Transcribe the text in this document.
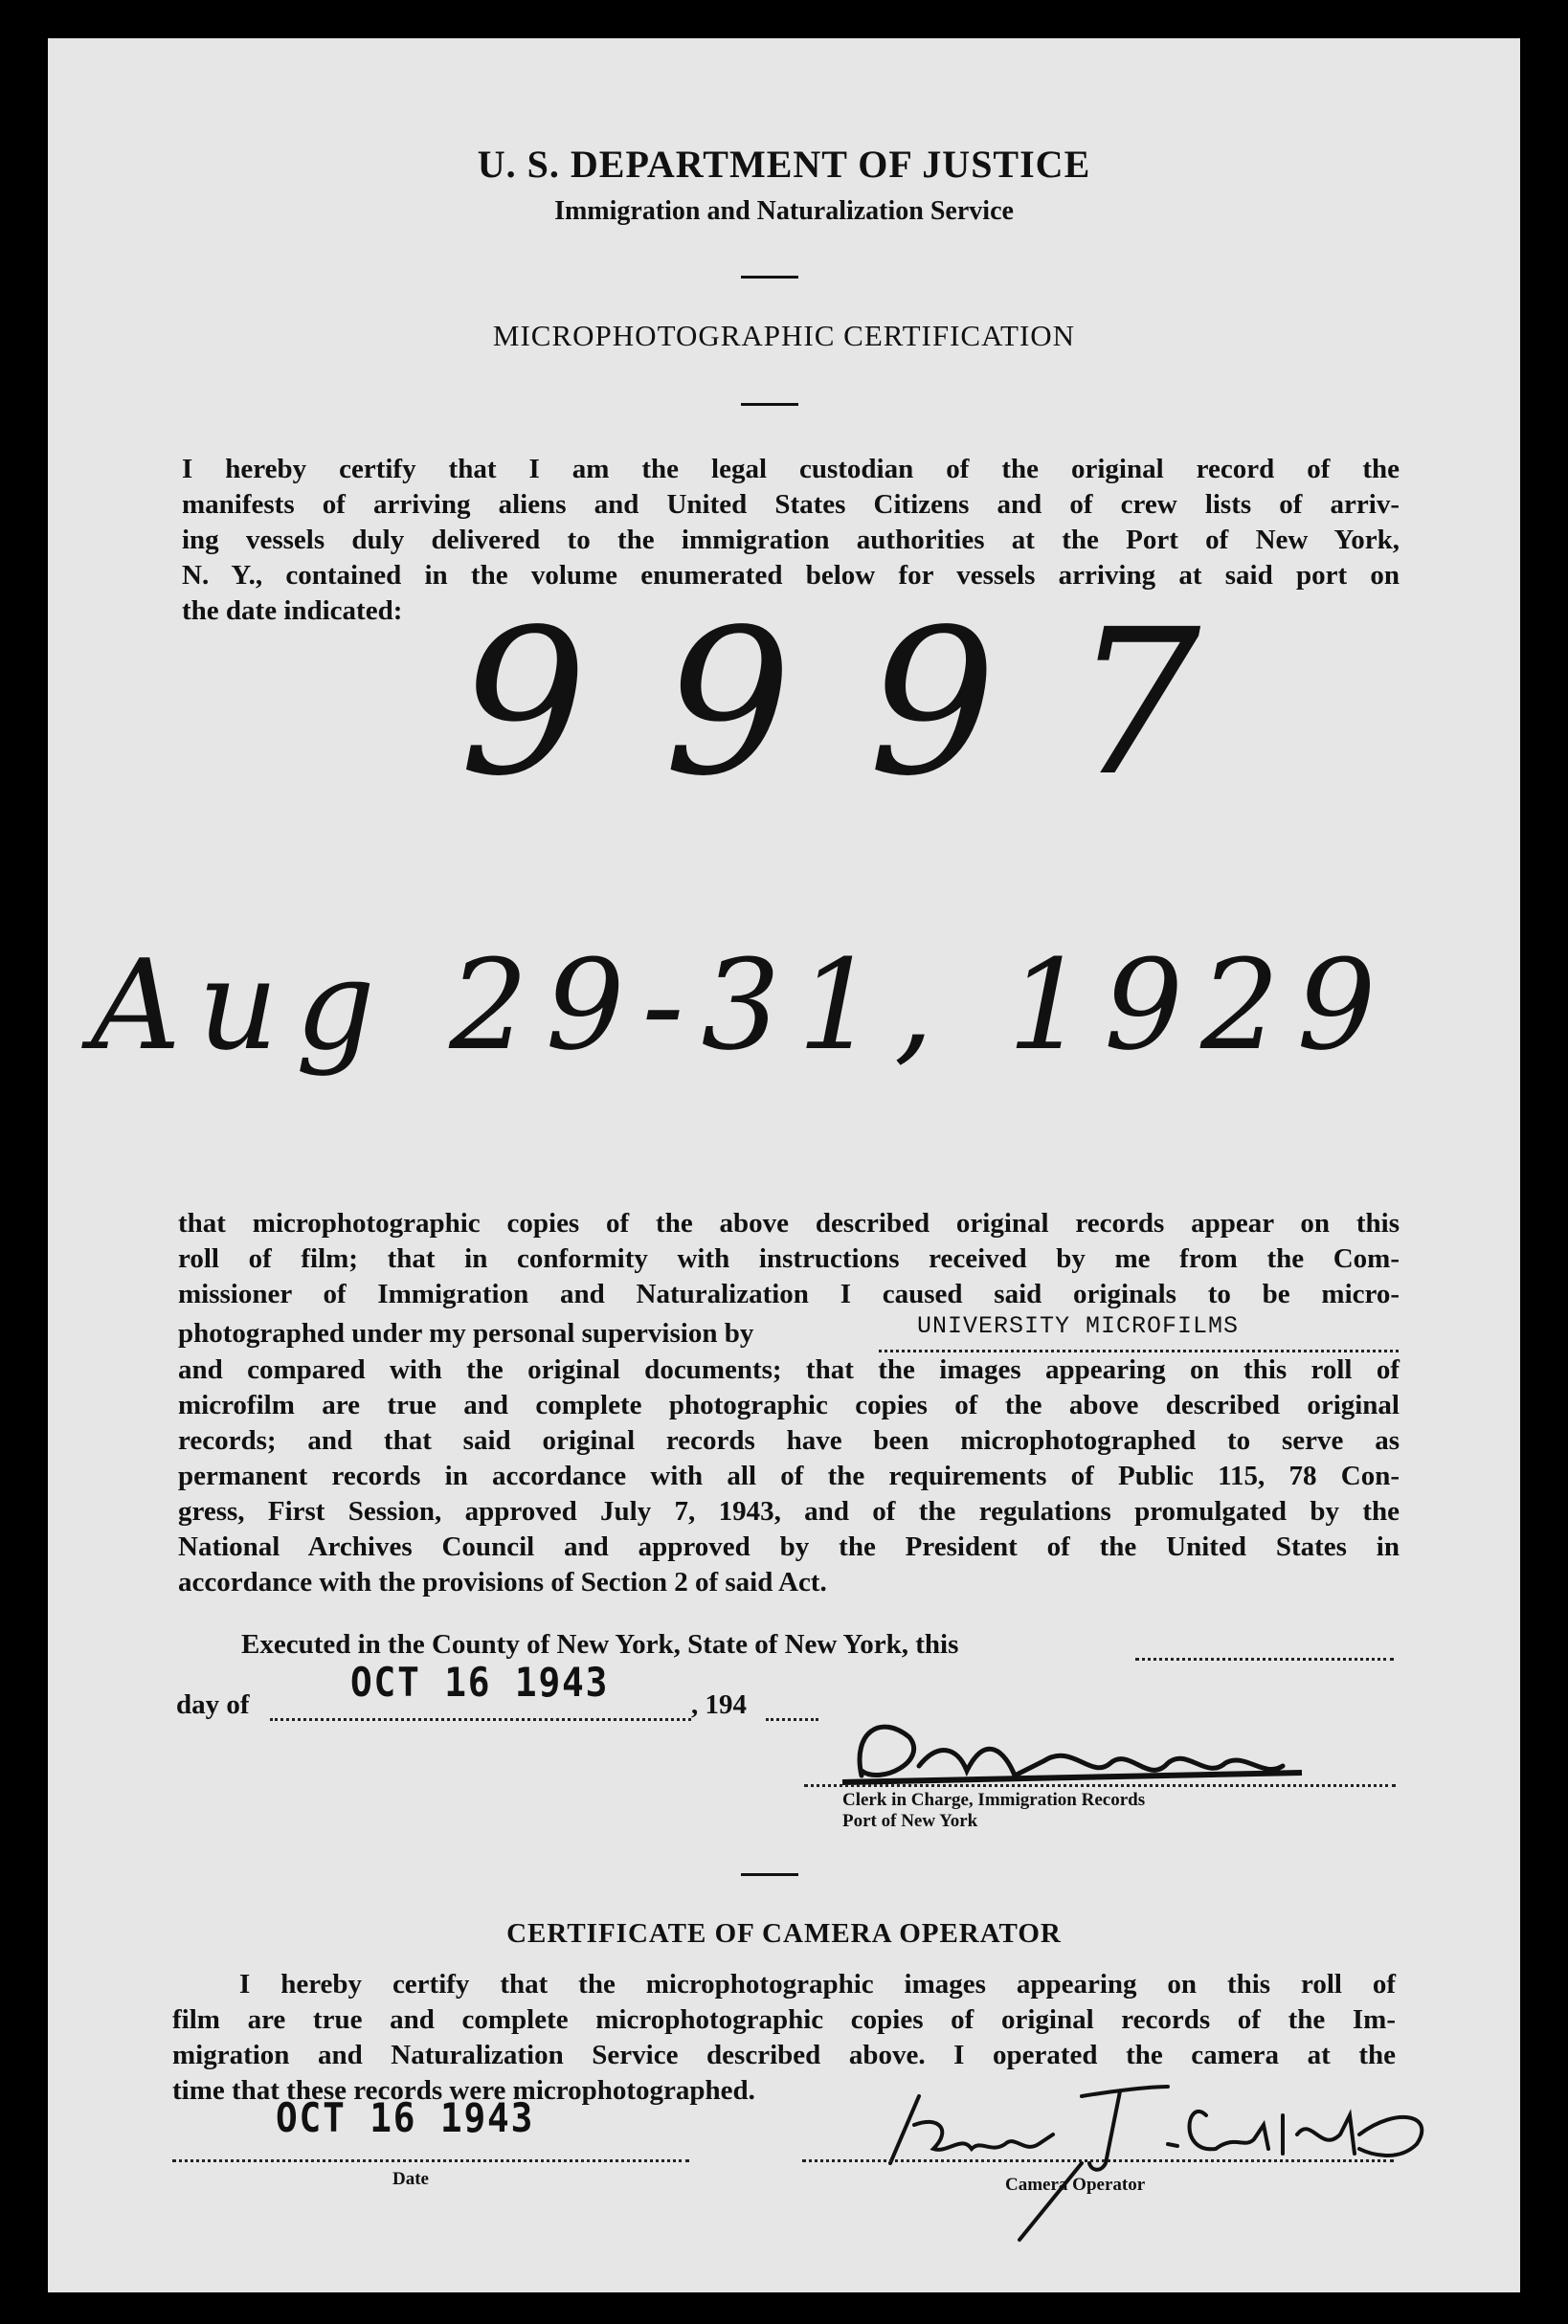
U. S. DEPARTMENT OF JUSTICE
Immigration and Naturalization Service
MICROPHOTOGRAPHIC CERTIFICATION
I hereby certify that I am the legal custodian of the original record of the
manifests of arriving aliens and United States Citizens and of crew lists of arriv-
ing vessels duly delivered to the immigration authorities at the Port of New York,
N. Y., contained in the volume enumerated below for vessels arriving at said port on
the date indicated: 9997
Aug 29-31, 1929
that microphotographic copies of the above described original records appear on this
roll of film; that in conformity with instructions received by me from the Com-
missioner of Immigration and Naturalization I caused said originals to be micro-
photographed under my personal supervision by	UNIVERSITY MICROFILMS
and compared with the original documents; that the images appearing on this roll of
microfilm are true and complete photographic copies of the above described original
records; and that said original records have been microphotographed to serve as
permanent records in accordance with all of the requirements of Public 115, 78 Con-
gress, First Session, approved July 7, 1943, and of the regulations promulgated by the
National Archives Council and approved by the President of the United States in
accordance with the provisions of Section 2 of said Act.
Executed in the County of New York, State of New York, this
day of	OCT 16 1943	, 194
Clerk in Charge, Immigration Records
Port of New York
CERTIFICATE OF CAMERA OPERATOR
I hereby certify that the microphotographic images appearing on this roll of
film are true and complete microphotographic copies of original records of the Im-
migration and Naturalization Service described above. I operated the camera at the
time that these records were microphotographed.
OCT 16 1943
Date	Camera Operator
